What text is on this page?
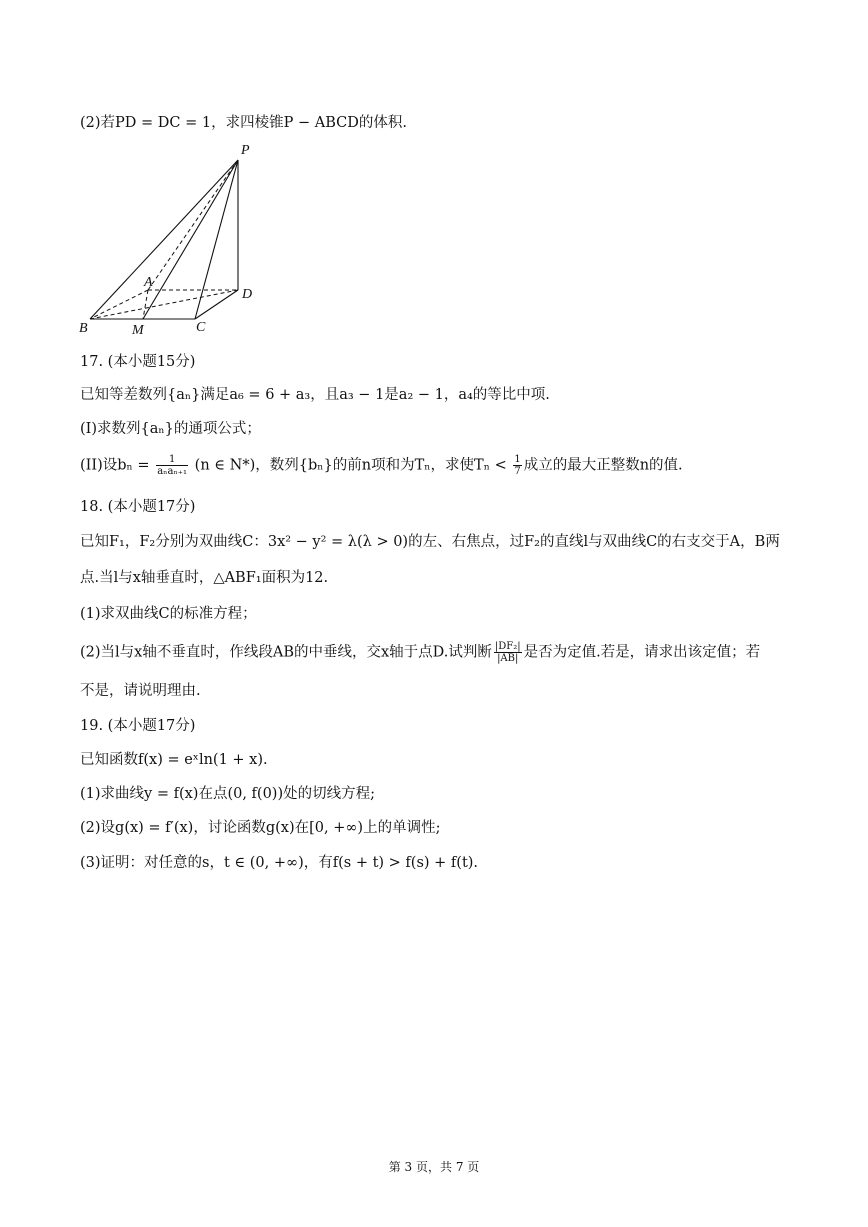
(2)若PD = DC = 1，求四棱锥P − ABCD的体积.
P
A
D
B	M	C
17. (本小题15分)
已知等差数列{aₙ}满足a₆ = 6 + a₃，且a₃ − 1是a₂ − 1，a₄的等比中项.
(I)求数列{aₙ}的通项公式；
(II)设$b_n = \frac{1}{\text{aₙaₙ₊₁}} (n$ ∈ N*)，数列{bₙ}的前n项和为Tₙ，求使$T_n < \frac{1}{7}$ 成立的最大正整数n的值.
18. (本小题17分)
已知F₁，F₂分别为双曲线C：3x² − y² = λ(λ > 0)的左、右焦点，过F₂的直线l与双曲线C的右支交于A，B两
点.当l与x轴垂直时，△ABF₁面积为12.
(1)求双曲线C的标准方程；
(2)当l与x轴不垂直时，作线段AB的中垂线，交x轴于点D.试判断 $\frac{\text{|DF₂|}}{|AB|}$ 是否为定值.若是，请求出该定值；若
不是，请说明理由.
19. (本小题17分)
已知函数f(x) = eˣln(1 + x).
(1)求曲线y = f(x)在点(0, f(0))处的切线方程;
(2)设g(x) = f′(x)，讨论函数g(x)在[0, +∞)上的单调性;
(3)证明：对任意的s，t ∈ (0, +∞)，有f(s + t) > f(s) + f(t).
第 3 页，共 7 页
